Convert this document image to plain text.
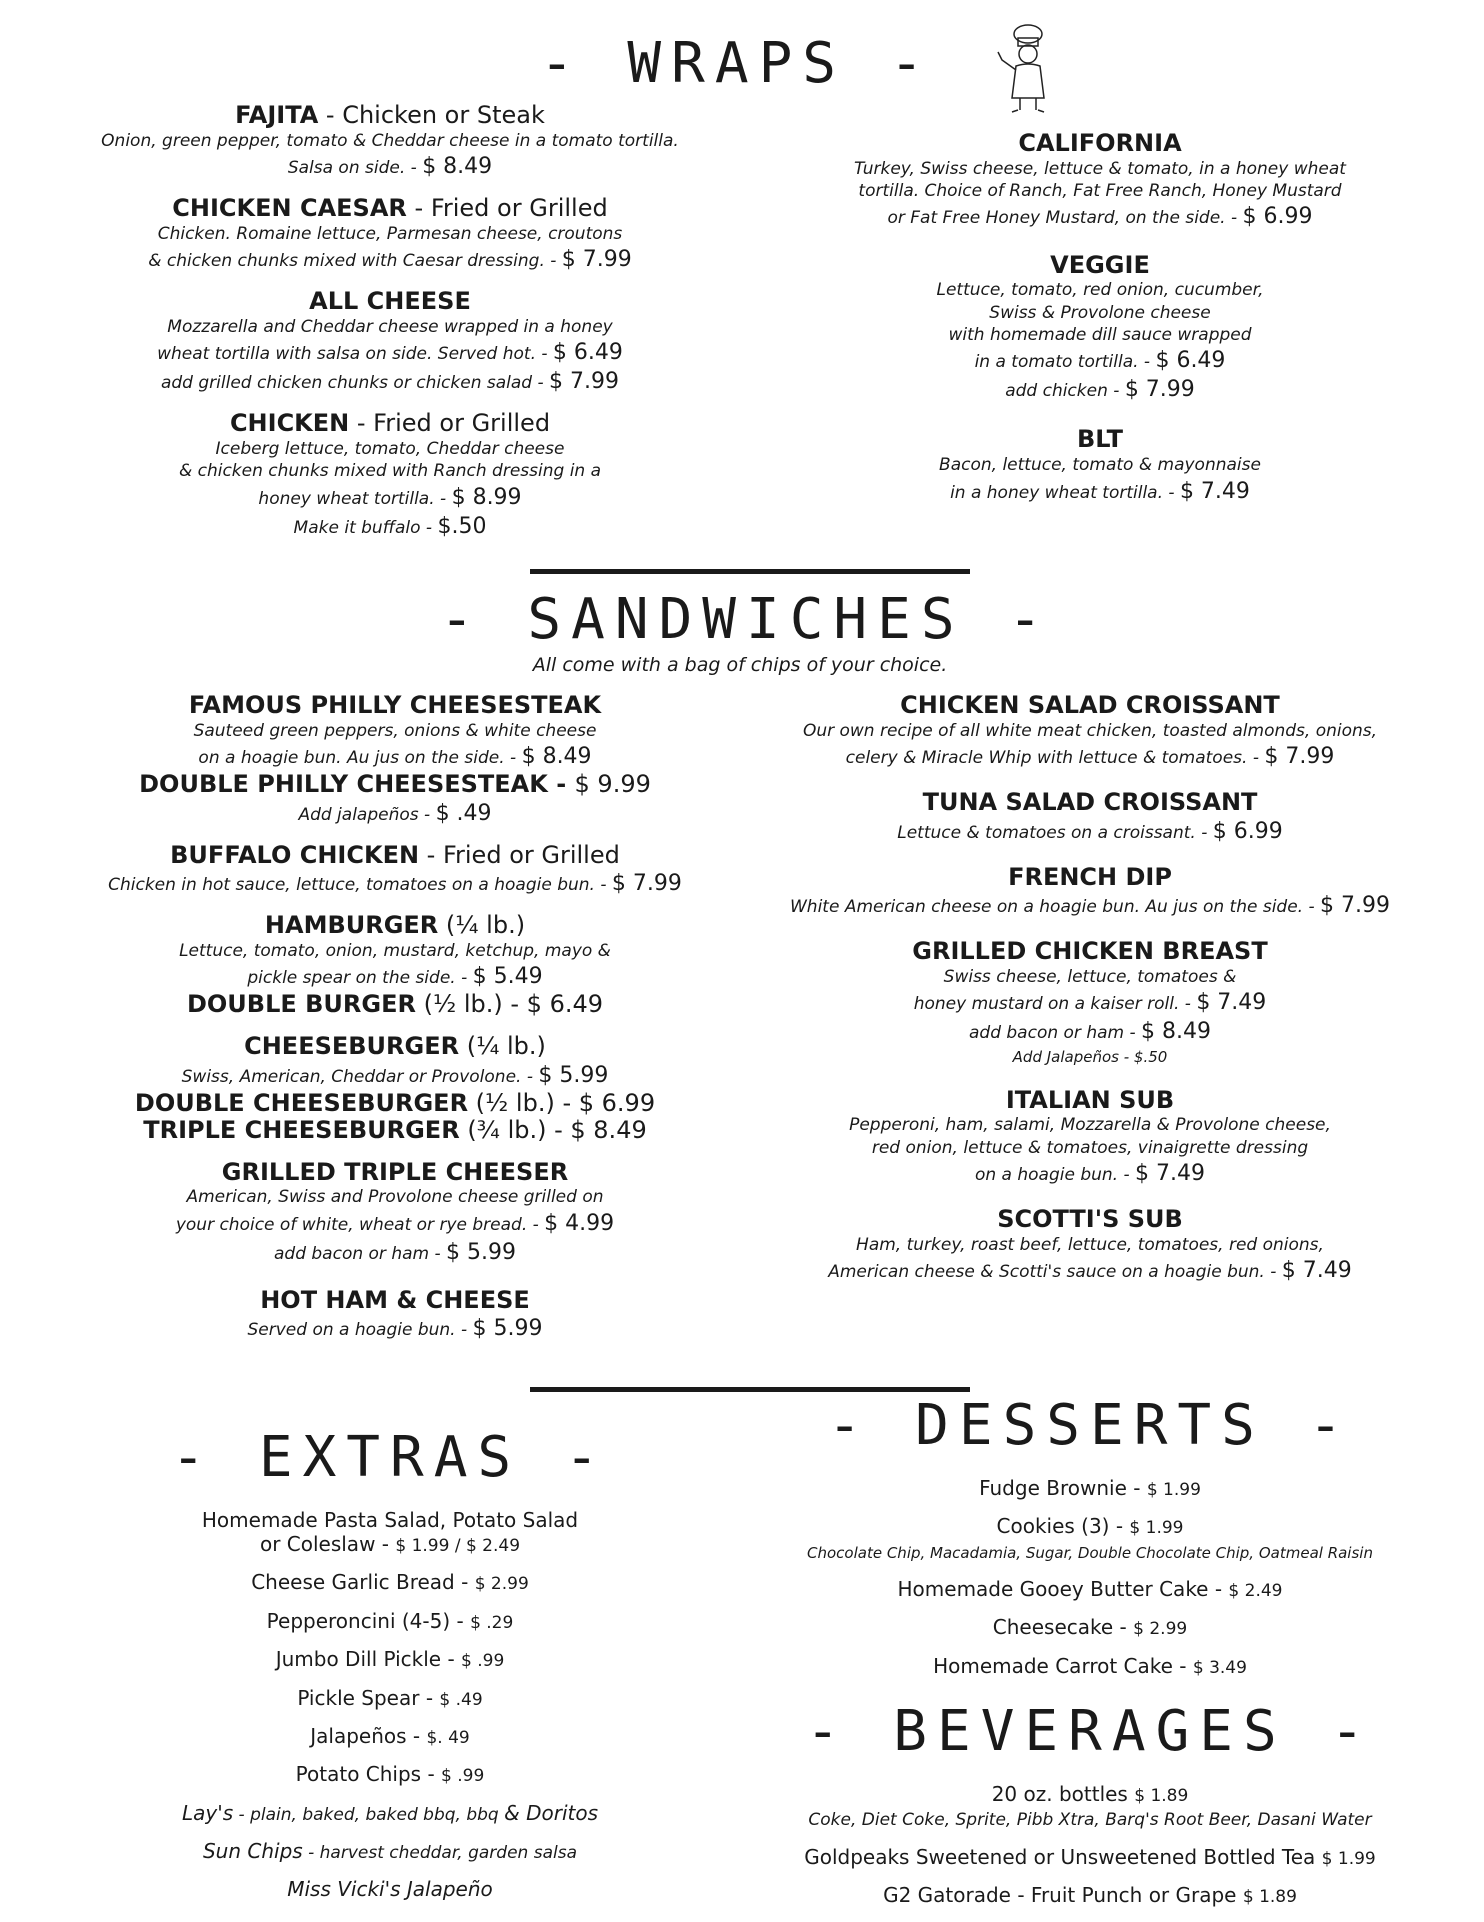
- WRAPS -
FAJITA - Chicken or Steak
Onion, green pepper, tomato & Cheddar cheese in a tomato tortilla.
Salsa on side. - $ 8.49
CHICKEN CAESAR - Fried or Grilled
Chicken. Romaine lettuce, Parmesan cheese, croutons
& chicken chunks mixed with Caesar dressing. - $ 7.99
ALL CHEESE
Mozzarella and Cheddar cheese wrapped in a honey
wheat tortilla with salsa on side. Served hot. - $ 6.49
add grilled chicken chunks or chicken salad - $ 7.99
CHICKEN - Fried or Grilled
Iceberg lettuce, tomato, Cheddar cheese
& chicken chunks mixed with Ranch dressing in a
honey wheat tortilla. - $ 8.99
Make it buffalo - $.50
CALIFORNIA
Turkey, Swiss cheese, lettuce & tomato, in a honey wheat
tortilla. Choice of Ranch, Fat Free Ranch, Honey Mustard
or Fat Free Honey Mustard, on the side. - $ 6.99
VEGGIE
Lettuce, tomato, red onion, cucumber,
Swiss & Provolone cheese
with homemade dill sauce wrapped
in a tomato tortilla. - $ 6.49
add chicken - $ 7.99
BLT
Bacon, lettuce, tomato & mayonnaise
in a honey wheat tortilla. - $ 7.49
- SANDWICHES -
All come with a bag of chips of your choice.
FAMOUS PHILLY CHEESESTEAK
Sauteed green peppers, onions & white cheese
on a hoagie bun. Au jus on the side. - $ 8.49
DOUBLE PHILLY CHEESESTEAK - $ 9.99
Add jalapeños - $ .49
BUFFALO CHICKEN - Fried or Grilled
Chicken in hot sauce, lettuce, tomatoes on a hoagie bun. - $ 7.99
HAMBURGER (¼ lb.)
Lettuce, tomato, onion, mustard, ketchup, mayo &
pickle spear on the side. - $ 5.49
DOUBLE BURGER (½ lb.) - $ 6.49
CHEESEBURGER (¼ lb.)
Swiss, American, Cheddar or Provolone. - $ 5.99
DOUBLE CHEESEBURGER (½ lb.) - $ 6.99
TRIPLE CHEESEBURGER (¾ lb.) - $ 8.49
GRILLED TRIPLE CHEESER
American, Swiss and Provolone cheese grilled on
your choice of white, wheat or rye bread. - $ 4.99
add bacon or ham - $ 5.99
HOT HAM & CHEESE
Served on a hoagie bun. - $ 5.99
CHICKEN SALAD CROISSANT
Our own recipe of all white meat chicken, toasted almonds, onions,
celery & Miracle Whip with lettuce & tomatoes. - $ 7.99
TUNA SALAD CROISSANT
Lettuce & tomatoes on a croissant. - $ 6.99
FRENCH DIP
White American cheese on a hoagie bun. Au jus on the side. - $ 7.99
GRILLED CHICKEN BREAST
Swiss cheese, lettuce, tomatoes &
honey mustard on a kaiser roll. - $ 7.49
add bacon or ham - $ 8.49
Add Jalapeños - $.50
ITALIAN SUB
Pepperoni, ham, salami, Mozzarella & Provolone cheese,
red onion, lettuce & tomatoes, vinaigrette dressing
on a hoagie bun. - $ 7.49
SCOTTI'S SUB
Ham, turkey, roast beef, lettuce, tomatoes, red onions,
American cheese & Scotti's sauce on a hoagie bun. - $ 7.49
- EXTRAS -
Homemade Pasta Salad, Potato Salad
or Coleslaw - $ 1.99 / $ 2.49
Cheese Garlic Bread - $ 2.99
Pepperoncini (4-5) - $ .29
Jumbo Dill Pickle - $ .99
Pickle Spear - $ .49
Jalapeños - $. 49
Potato Chips - $ .99
Lay's - plain, baked, baked bbq, bbq & Doritos
Sun Chips - harvest cheddar, garden salsa
Miss Vicki's Jalapeño
- DESSERTS -
Fudge Brownie - $ 1.99
Cookies (3) - $ 1.99
Chocolate Chip, Macadamia, Sugar, Double Chocolate Chip, Oatmeal Raisin
Homemade Gooey Butter Cake - $ 2.49
Cheesecake - $ 2.99
Homemade Carrot Cake - $ 3.49
- BEVERAGES -
20 oz. bottles $ 1.89
Coke, Diet Coke, Sprite, Pibb Xtra, Barq's Root Beer, Dasani Water
Goldpeaks Sweetened or Unsweetened Bottled Tea $ 1.99
G2 Gatorade - Fruit Punch or Grape $ 1.89
